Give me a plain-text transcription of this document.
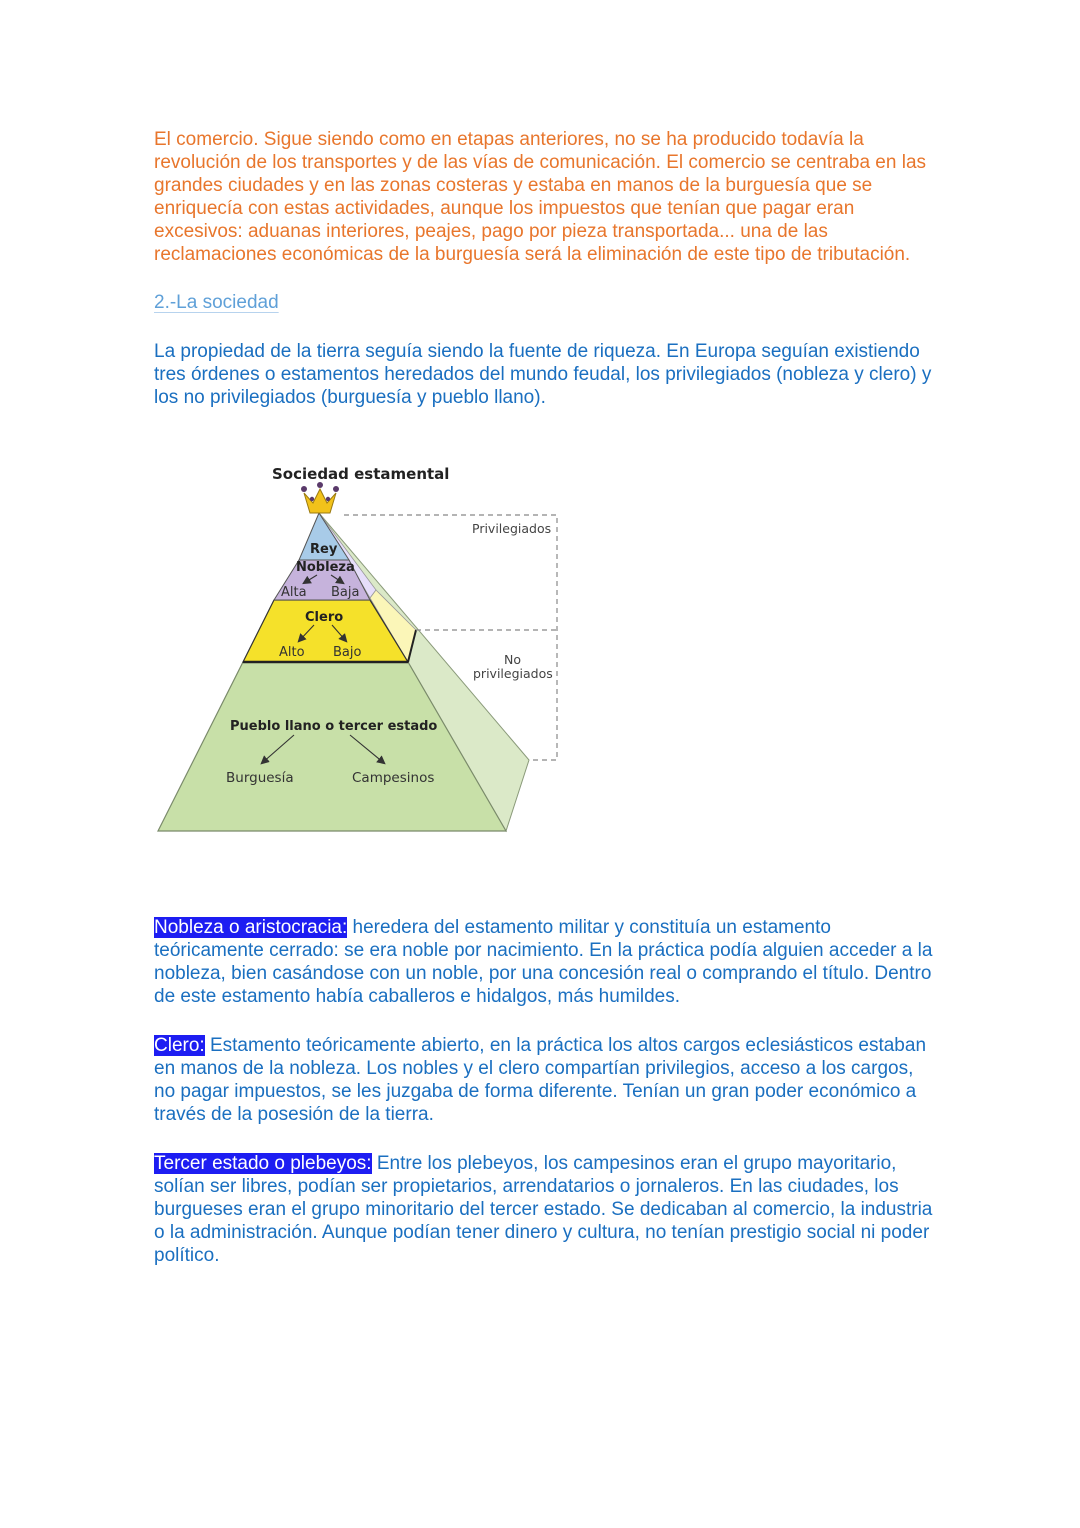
El comercio. Sigue siendo como en etapas anteriores, no se ha producido todavía la revolución de los transportes y de las vías de comunicación. El comercio se centraba en las grandes ciudades y en las zonas costeras y estaba en manos de la burguesía que se enriquecía con estas actividades, aunque los impuestos que tenían que pagar eran excesivos: aduanas interiores, peajes, pago por pieza transportada... una de las reclamaciones económicas de la burguesía será la eliminación de este tipo de tributación.

2.-La sociedad

La propiedad de la tierra seguía siendo la fuente de riqueza. En Europa seguían existiendo tres órdenes o estamentos heredados del mundo feudal, los privilegiados (nobleza y clero) y los no privilegiados (burguesía y pueblo llano).

Sociedad estamental
Privilegiados
No
privilegiados
Rey
Nobleza
Alta Baja
Clero
Alto Bajo
Pueblo llano o tercer estado
Burguesía	Campesinos

Nobleza o aristocracia: heredera del estamento militar y constituía un estamento teóricamente cerrado: se era noble por nacimiento. En la práctica podía alguien acceder a la nobleza, bien casándose con un noble, por una concesión real o comprando el título. Dentro de este estamento había caballeros e hidalgos, más humildes.

Clero: Estamento teóricamente abierto, en la práctica los altos cargos eclesiásticos estaban en manos de la nobleza. Los nobles y el clero compartían privilegios, acceso a los cargos, no pagar impuestos, se les juzgaba de forma diferente. Tenían un gran poder económico a través de la posesión de la tierra.

Tercer estado o plebeyos: Entre los plebeyos, los campesinos eran el grupo mayoritario, solían ser libres, podían ser propietarios, arrendatarios o jornaleros. En las ciudades, los burgueses eran el grupo minoritario del tercer estado. Se dedicaban al comercio, la industria o la administración. Aunque podían tener dinero y cultura, no tenían prestigio social ni poder político.
